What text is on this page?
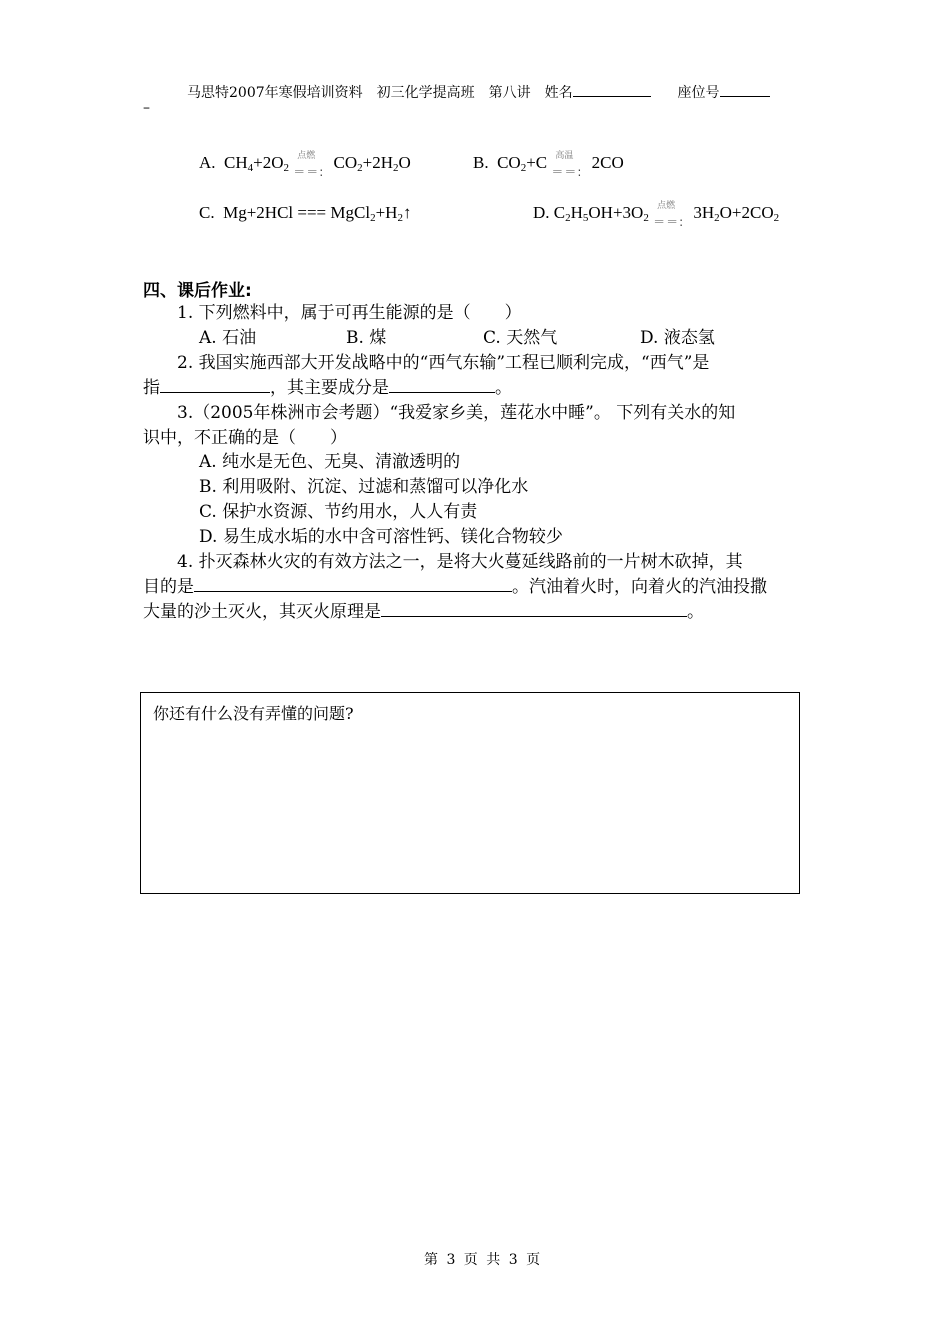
马思特2007年寒假培训资料　初三化学提高班　第八讲　姓名	座位号
–
A. $CH_4+2O_2$
点燃
＝＝:
$CO_2+2H_2O$	B. $CO_2+C$ 高温
＝＝:
2CO
C. Mg+2HCl === $MgCl_2+H_2↑$	D. $C_2H_5OH+3O_2$
点燃
＝＝:
$3H_2O+2CO_2$
四、课后作业:
1. 下列燃料中，属于可再生能源的是（　　）
A. 石油	B. 煤	C. 天然气	D. 液态氢
2. 我国实施西部大开发战略中的“西气东输”工程已顺利完成，“西气”是
指	，其主要成分是	。
3.（2005年株洲市会考题）“我爱家乡美，莲花水中睡”。 下列有关水的知
识中，不正确的是（　　）
A. 纯水是无色、无臭、清澈透明的
B. 利用吸附、沉淀、过滤和蒸馏可以净化水
C. 保护水资源、节约用水，人人有责
D. 易生成水垢的水中含可溶性钙、镁化合物较少
4. 扑灭森林火灾的有效方法之一，是将大火蔓延线路前的一片树木砍掉，其
目的是	。汽油着火时，向着火的汽油投撒
大量的沙土灭火，其灭火原理是	。
你还有什么没有弄懂的问题?
第 3 页 共 3 页
